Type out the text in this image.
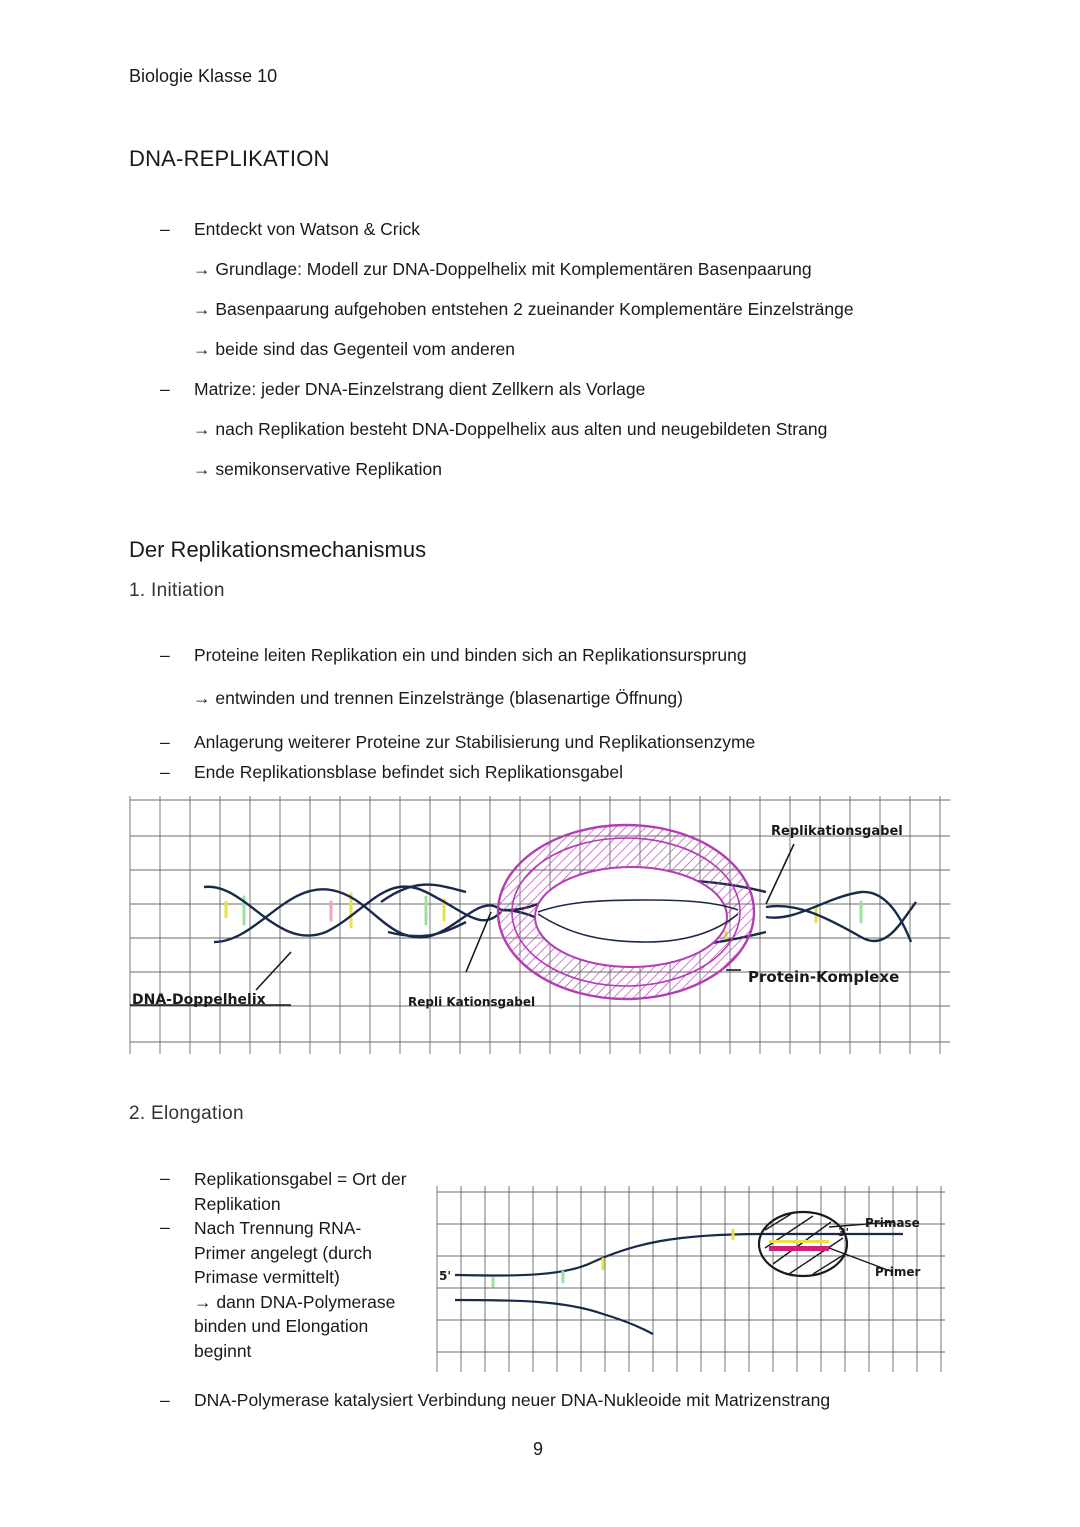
Biologie Klasse 10
DNA-REPLIKATION
– Entdeckt von Watson & Crick
→ Grundlage: Modell zur DNA-Doppelhelix mit Komplementären Basenpaarung
→ Basenpaarung aufgehoben entstehen 2 zueinander Komplementäre Einzelstränge
→ beide sind das Gegenteil vom anderen
– Matrize: jeder DNA-Einzelstrang dient Zellkern als Vorlage
→ nach Replikation besteht DNA-Doppelhelix aus alten und neugebildeten Strang
→ semikonservative Replikation
Der Replikationsmechanismus
1. Initiation
– Proteine leiten Replikation ein und binden sich an Replikationsursprung
→ entwinden und trennen Einzelstränge (blasenartige Öffnung)
– Anlagerung weiterer Proteine zur Stabilisierung und Replikationsenzyme
– Ende Replikationsblase befindet sich Replikationsgabel
Replikationsgabel
Protein-Komplexe
DNA-Doppelhelix	Repli Kationsgabel
2. Elongation
–
–
Replikationsgabel = Ort der
Replikation
Nach Trennung RNA-
Primer angelegt (durch
Primase vermittelt)
→ dann DNA-Polymerase
binden und Elongation
beginnt
5'
3'
Primase
Primer
– DNA-Polymerase katalysiert Verbindung neuer DNA-Nukleoide mit Matrizenstrang
9
